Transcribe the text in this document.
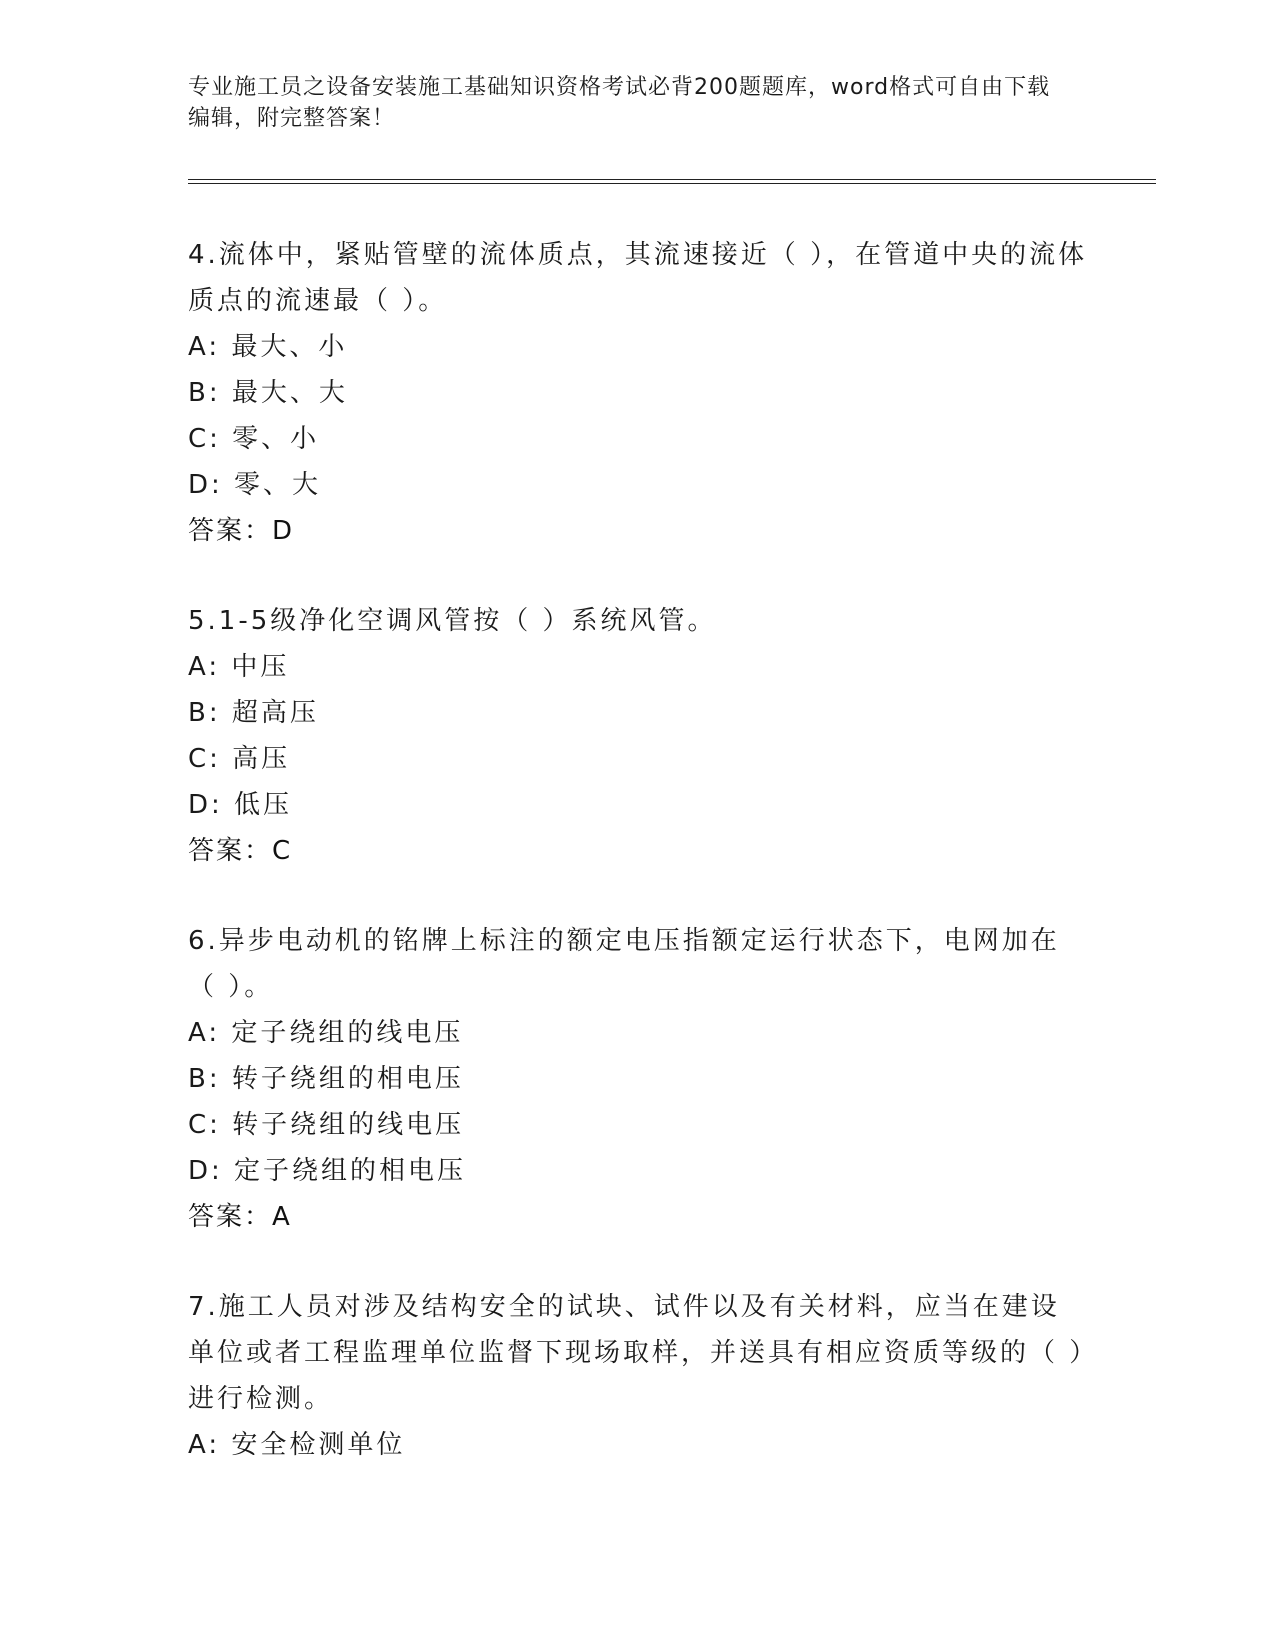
专业施工员之设备安装施工基础知识资格考试必背200题题库，word格式可自由下载编辑，附完整答案！
4.流体中，紧贴管壁的流体质点，其流速接近（ ），在管道中央的流体质点的流速最（ ）。
A: 最大、小
B: 最大、大
C: 零、小
D: 零、大
答案：D
5.1-5级净化空调风管按（ ）系统风管。
A: 中压
B: 超高压
C: 高压
D: 低压
答案：C
6.异步电动机的铭牌上标注的额定电压指额定运行状态下，电网加在（ ）。
A: 定子绕组的线电压
B: 转子绕组的相电压
C: 转子绕组的线电压
D: 定子绕组的相电压
答案：A
7.施工人员对涉及结构安全的试块、试件以及有关材料，应当在建设单位或者工程监理单位监督下现场取样，并送具有相应资质等级的（ ）进行检测。
A: 安全检测单位
